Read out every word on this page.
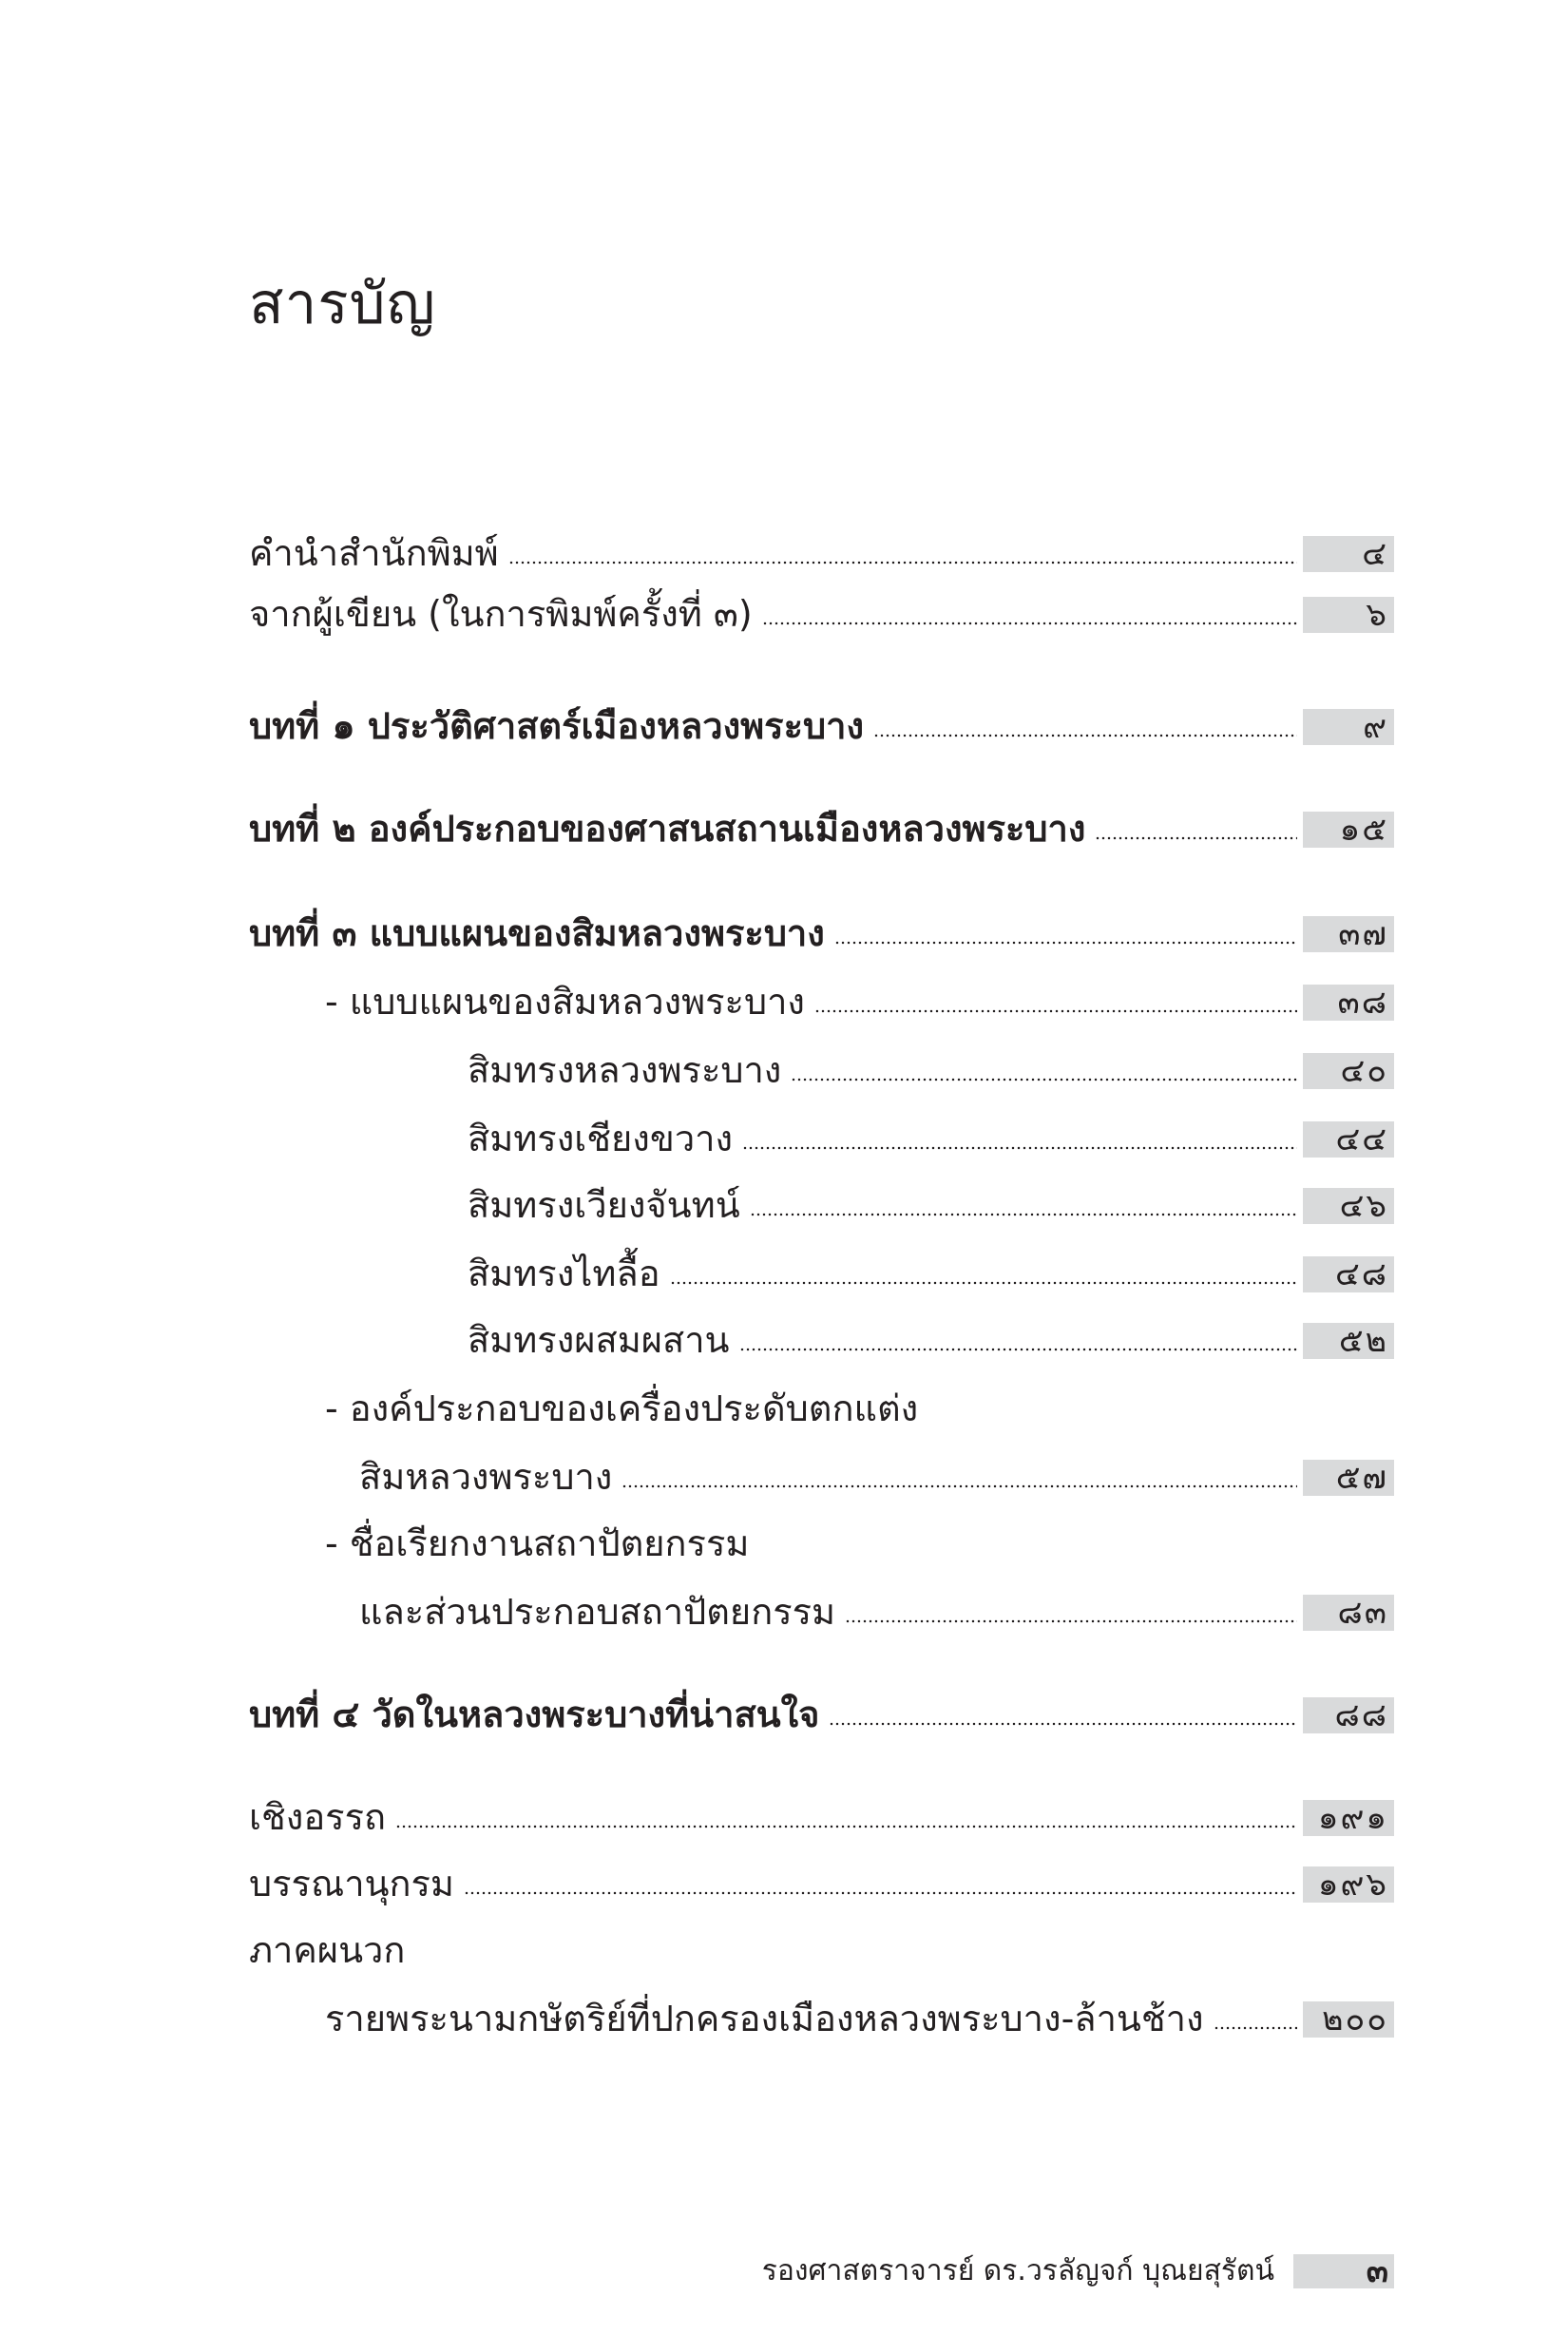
สารบัญ
คำนำสำนักพิมพ์	๔
จากผู้เขียน (ในการพิมพ์ครั้งที่ ๓)	๖
บทที่ ๑ ประวัติศาสตร์เมืองหลวงพระบาง	๙
บทที่ ๒ องค์ประกอบของศาสนสถานเมืองหลวงพระบาง	๑๕
บทที่ ๓ แบบแผนของสิมหลวงพระบาง	๓๗
- แบบแผนของสิมหลวงพระบาง	๓๘
สิมทรงหลวงพระบาง	๔๐
สิมทรงเชียงขวาง	๔๔
สิมทรงเวียงจันทน์	๔๖
สิมทรงไทลื้อ	๔๘
สิมทรงผสมผสาน	๕๒
- องค์ประกอบของเครื่องประดับตกแต่ง
สิมหลวงพระบาง	๕๗
- ชื่อเรียกงานสถาปัตยกรรม
และส่วนประกอบสถาปัตยกรรม	๘๓
บทที่ ๔ วัดในหลวงพระบางที่น่าสนใจ	๘๘
เชิงอรรถ	๑๙๑
บรรณานุกรม	๑๙๖
ภาคผนวก
รายพระนามกษัตริย์ที่ปกครองเมืองหลวงพระบาง-ล้านช้าง	๒๐๐
รองศาสตราจารย์ ดร.วรลัญจก์ บุณยสุรัตน์	๓
